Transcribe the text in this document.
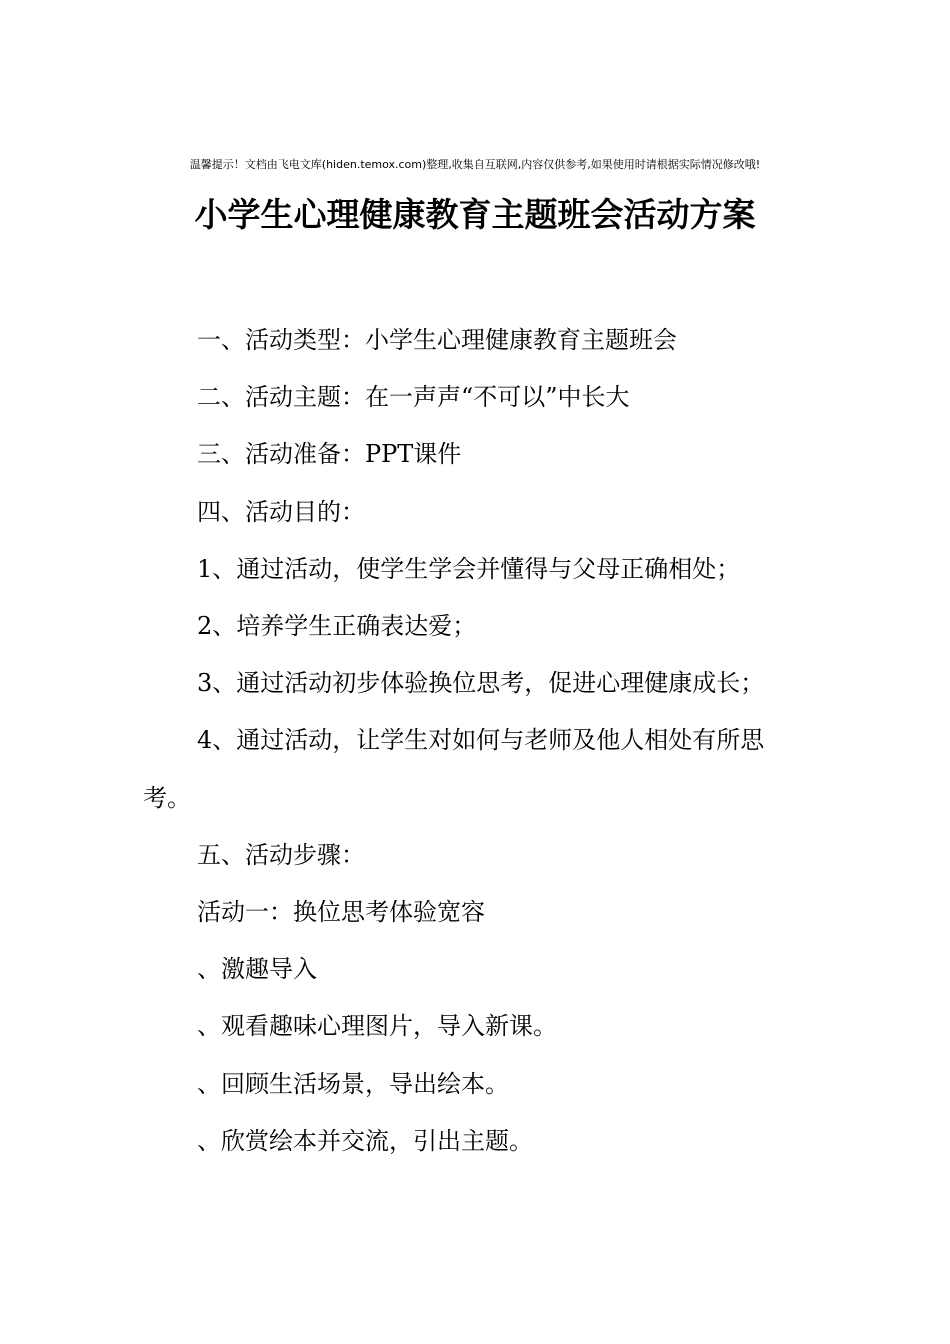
温馨提示！文档由飞电文库(hiden.temox.com)整理,收集自互联网,内容仅供参考,如果使用时请根据实际情况修改哦!
小学生心理健康教育主题班会活动方案

一、活动类型：小学生心理健康教育主题班会

二、活动主题：在一声声“不可以”中长大

三、活动准备：PPT课件

四、活动目的：

1、通过活动，使学生学会并懂得与父母正确相处；

2、培养学生正确表达爱；

3、通过活动初步体验换位思考，促进心理健康成长；

4、通过活动，让学生对如何与老师及他人相处有所思考。

五、活动步骤：

活动一：换位思考体验宽容

、激趣导入

、观看趣味心理图片，导入新课。

、回顾生活场景，导出绘本。

、欣赏绘本并交流，引出主题。
